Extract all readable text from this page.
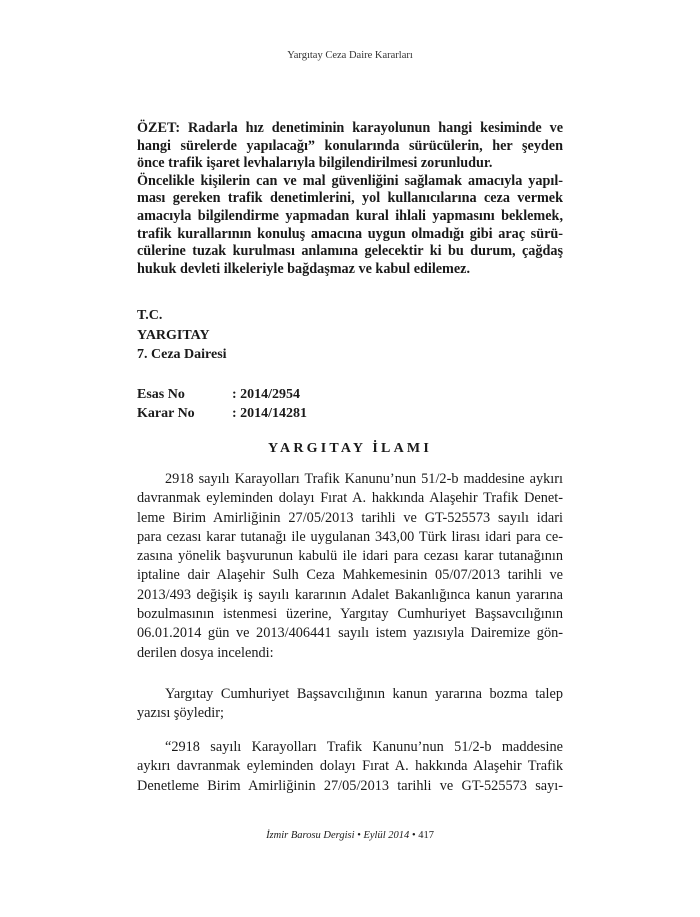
Yargıtay Ceza Daire Kararları
ÖZET: Radarla hız denetiminin karayolunun hangi kesiminde ve
hangi sürelerde yapılacağı” konularında sürücülerin, her şeyden
önce trafik işaret levhalarıyla bilgilendirilmesi zorunludur.
Öncelikle kişilerin can ve mal güvenliğini sağlamak amacıyla yapıl-
ması gereken trafik denetimlerini, yol kullanıcılarına ceza vermek
amacıyla bilgilendirme yapmadan kural ihlali yapmasını beklemek,
trafik kurallarının konuluş amacına uygun olmadığı gibi araç sürü-
cülerine tuzak kurulması anlamına gelecektir ki bu durum, çağdaş
hukuk devleti ilkeleriyle bağdaşmaz ve kabul edilemez.
T.C.
YARGITAY
7. Ceza Dairesi
Esas No	: 2014/2954
Karar No	: 2014/14281
YARGITAY İLAMI
2918 sayılı Karayolları Trafik Kanunu’nun 51/2-b maddesine aykırı
davranmak eyleminden dolayı Fırat A. hakkında Alaşehir Trafik Denet-
leme Birim Amirliğinin 27/05/2013 tarihli ve GT-525573 sayılı idari
para cezası karar tutanağı ile uygulanan 343,00 Türk lirası idari para ce-
zasına yönelik başvurunun kabulü ile idari para cezası karar tutanağının
iptaline dair Alaşehir Sulh Ceza Mahkemesinin 05/07/2013 tarihli ve
2013/493 değişik iş sayılı kararının Adalet Bakanlığınca kanun yararına
bozulmasının istenmesi üzerine, Yargıtay Cumhuriyet Başsavcılığının
06.01.2014 gün ve 2013/406441 sayılı istem yazısıyla Dairemize gön-
derilen dosya incelendi:
Yargıtay Cumhuriyet Başsavcılığının kanun yararına bozma talep
yazısı şöyledir;
“2918 sayılı Karayolları Trafik Kanunu’nun 51/2-b maddesine
aykırı davranmak eyleminden dolayı Fırat A. hakkında Alaşehir Trafik
Denetleme Birim Amirliğinin 27/05/2013 tarihli ve GT-525573 sayı-
İzmir Barosu Dergisi • Eylül 2014 • 417
